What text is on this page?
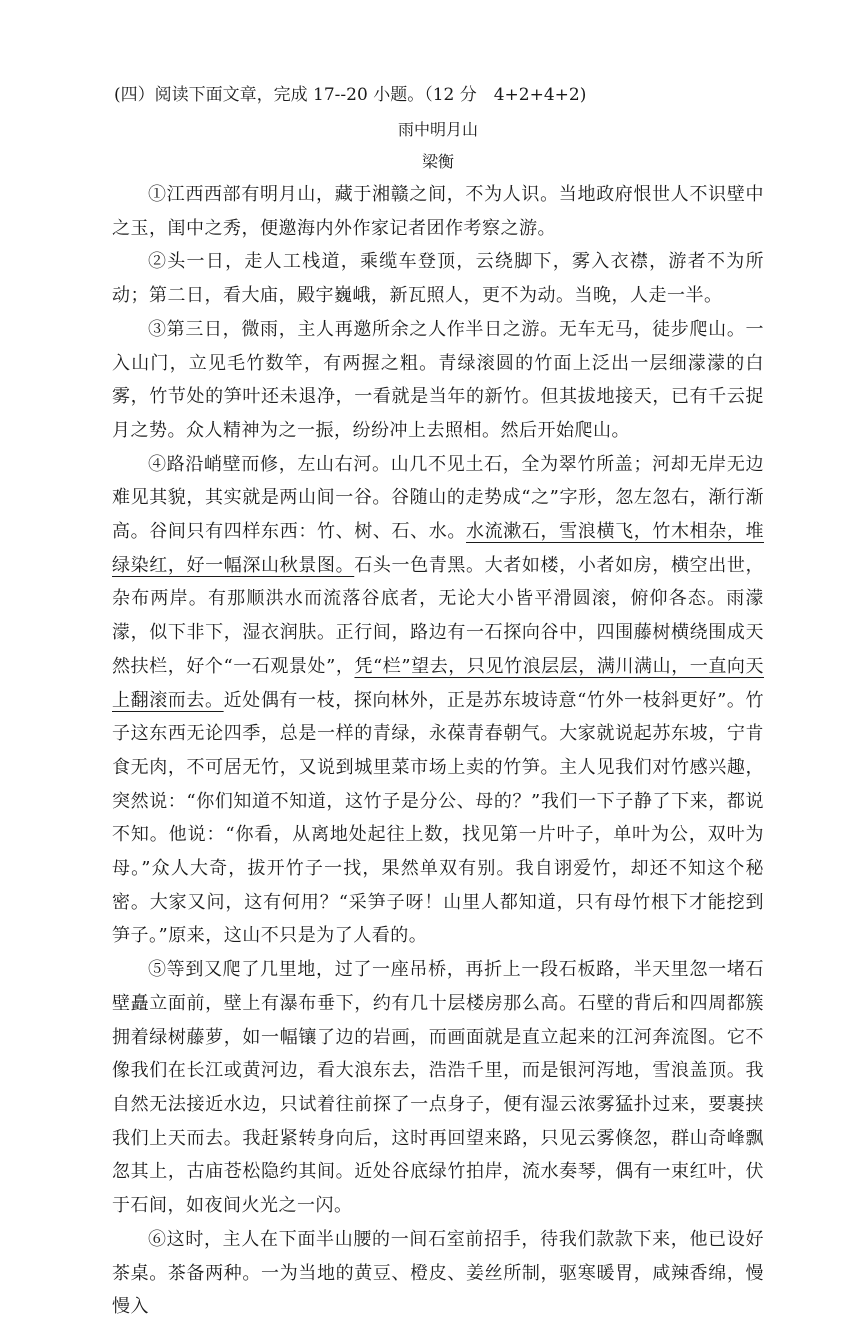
(四）阅读下面文章，完成 17--20 小题。（12 分　4+2+4+2)

雨中明月山

梁衡

①江西西部有明月山，藏于湘赣之间，不为人识。当地政府恨世人不识壁中之玉，闺中之秀，便邀海内外作家记者团作考察之游。

②头一日，走人工栈道，乘缆车登顶，云绕脚下，雾入衣襟，游者不为所动；第二日，看大庙，殿宇巍峨，新瓦照人，更不为动。当晚，人走一半。

③第三日，微雨，主人再邀所余之人作半日之游。无车无马，徒步爬山。一入山门，立见毛竹数竿，有两握之粗。青绿滚圆的竹面上泛出一层细濛濛的白雾，竹节处的笋叶还未退净，一看就是当年的新竹。但其拔地接天，已有千云捉月之势。众人精神为之一振，纷纷冲上去照相。然后开始爬山。

④路沿峭壁而修，左山右河。山几不见土石，全为翠竹所盖；河却无岸无边难见其貌，其实就是两山间一谷。谷随山的走势成“之”字形，忽左忽右，渐行渐高。谷间只有四样东西：竹、树、石、水。水流漱石，雪浪横飞，竹木相杂，堆绿染红，好一幅深山秋景图。石头一色青黑。大者如楼，小者如房，横空出世，杂布两岸。有那顺洪水而流落谷底者，无论大小皆平滑圆滚，俯仰各态。雨濛濛，似下非下，湿衣润肤。正行间，路边有一石探向谷中，四围藤树横绕围成天然扶栏，好个“一石观景处”，凭“栏”望去，只见竹浪层层，满川满山，一直向天上翻滚而去。近处偶有一枝，探向林外，正是苏东坡诗意“竹外一枝斜更好”。竹子这东西无论四季，总是一样的青绿，永葆青春朝气。大家就说起苏东坡，宁肯食无肉，不可居无竹，又说到城里菜市场上卖的竹笋。主人见我们对竹感兴趣，突然说：“你们知道不知道，这竹子是分公、母的？”我们一下子静了下来，都说不知。他说：“你看，从离地处起往上数，找见第一片叶子，单叶为公，双叶为母。”众人大奇，拔开竹子一找，果然单双有别。我自诩爱竹，却还不知这个秘密。大家又问，这有何用？“采笋子呀！山里人都知道，只有母竹根下才能挖到笋子。”原来，这山不只是为了人看的。

⑤等到又爬了几里地，过了一座吊桥，再折上一段石板路，半天里忽一堵石壁矗立面前，壁上有瀑布垂下，约有几十层楼房那么高。石壁的背后和四周都簇拥着绿树藤萝，如一幅镶了边的岩画，而画面就是直立起来的江河奔流图。它不像我们在长江或黄河边，看大浪东去，浩浩千里，而是银河泻地，雪浪盖顶。我自然无法接近水边，只试着往前探了一点身子，便有湿云浓雾猛扑过来，要裹挟我们上天而去。我赶紧转身向后，这时再回望来路，只见云雾倏忽，群山奇峰飘忽其上，古庙苍松隐约其间。近处谷底绿竹拍岸，流水奏琴，偶有一束红叶，伏于石间，如夜间火光之一闪。

⑥这时，主人在下面半山腰的一间石室前招手，待我们款款下来，他已设好茶桌。茶备两种。一为当地的黄豆、橙皮、姜丝所制，驱寒暖胃，咸辣香绵，慢慢入
